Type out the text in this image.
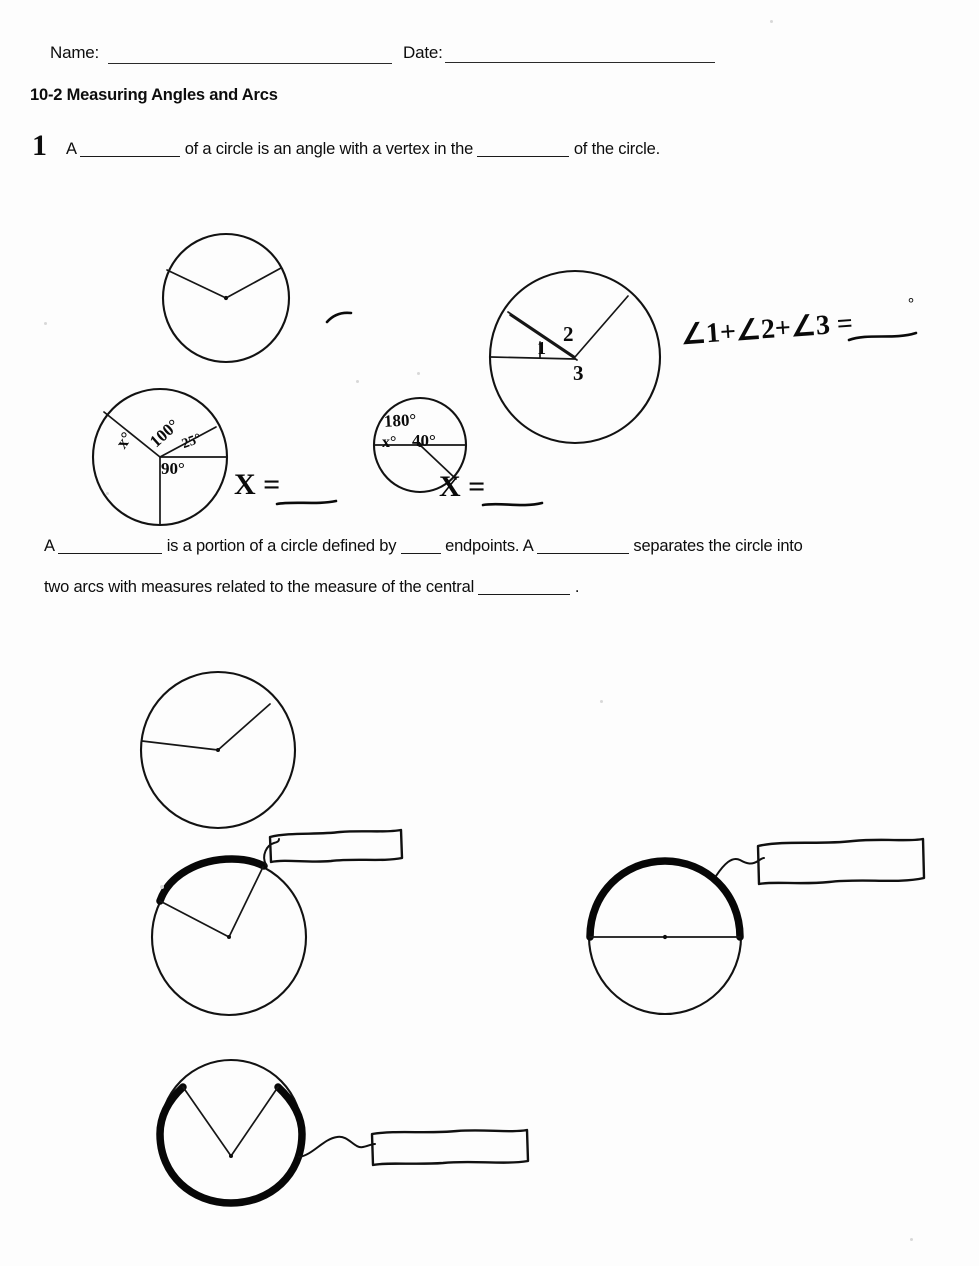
Name:	Date:
10-2 Measuring Angles and Arcs
1 A	of a circle is an angle with a vertex in the	of the circle.
x° 100°
25°
90° X =
180°
x° 40°
X =
1
2
3
∠1+∠2+∠3 =
°
A	is a portion of a circle defined by	endpoints. A	separates the circle into
two arcs with measures related to the measure of the central	.
